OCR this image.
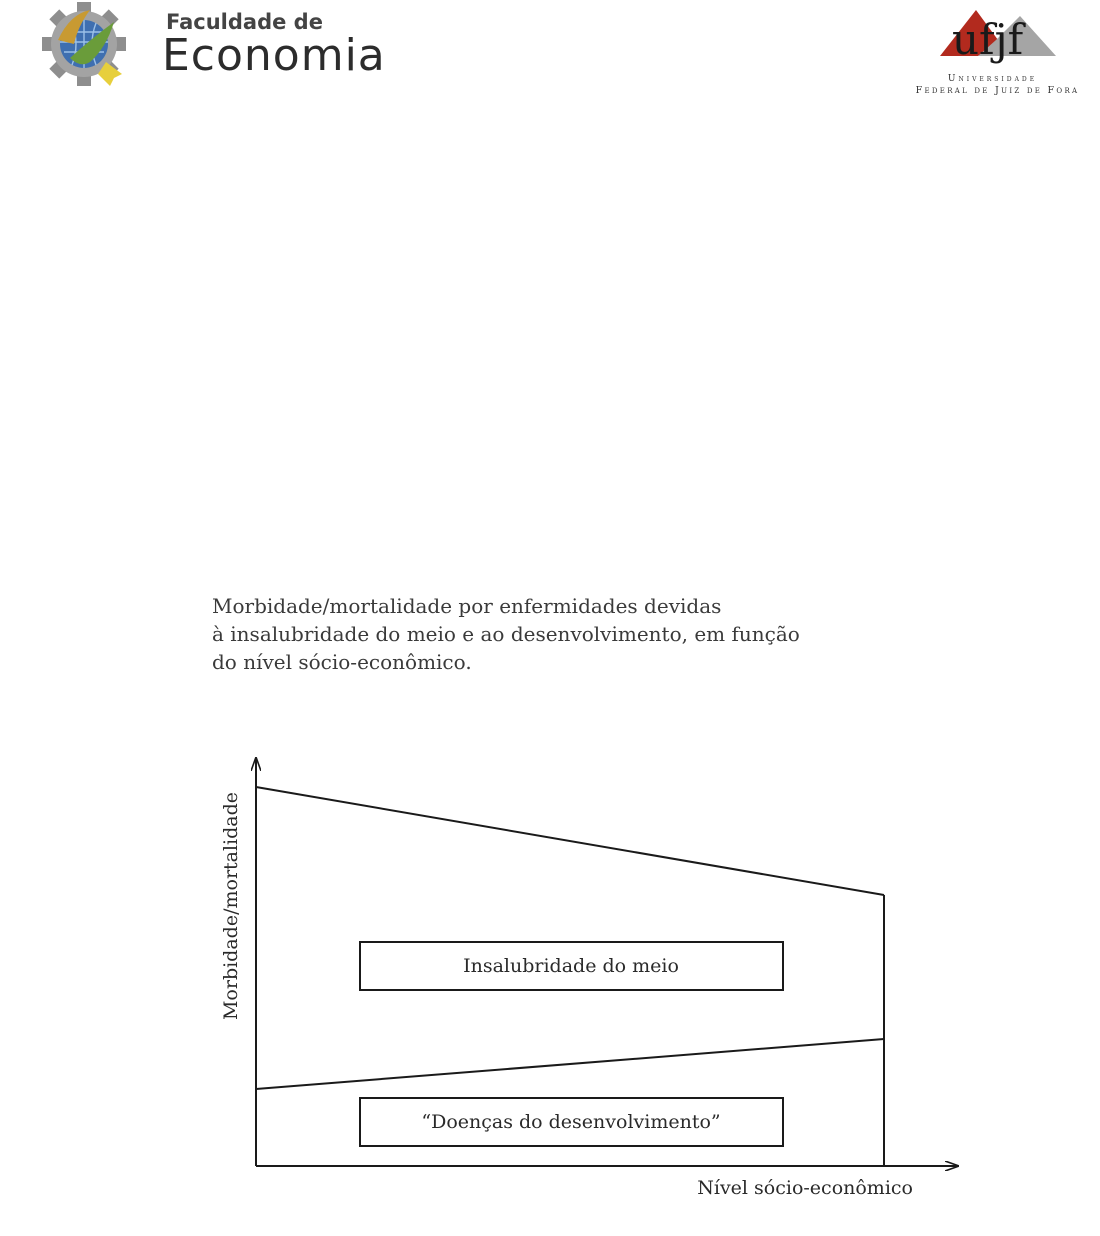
Faculdade de
Economia	ufjf
Universidade
Federal de Juiz de Fora
Morbidade/mortalidade por enfermidades devidas
à insalubridade do meio e ao desenvolvimento, em função
do nível sócio-econômico.
Insalubridade do meio
“Doenças do desenvolvimento”
Morbidade/mortalidade
Nível sócio-econômico
